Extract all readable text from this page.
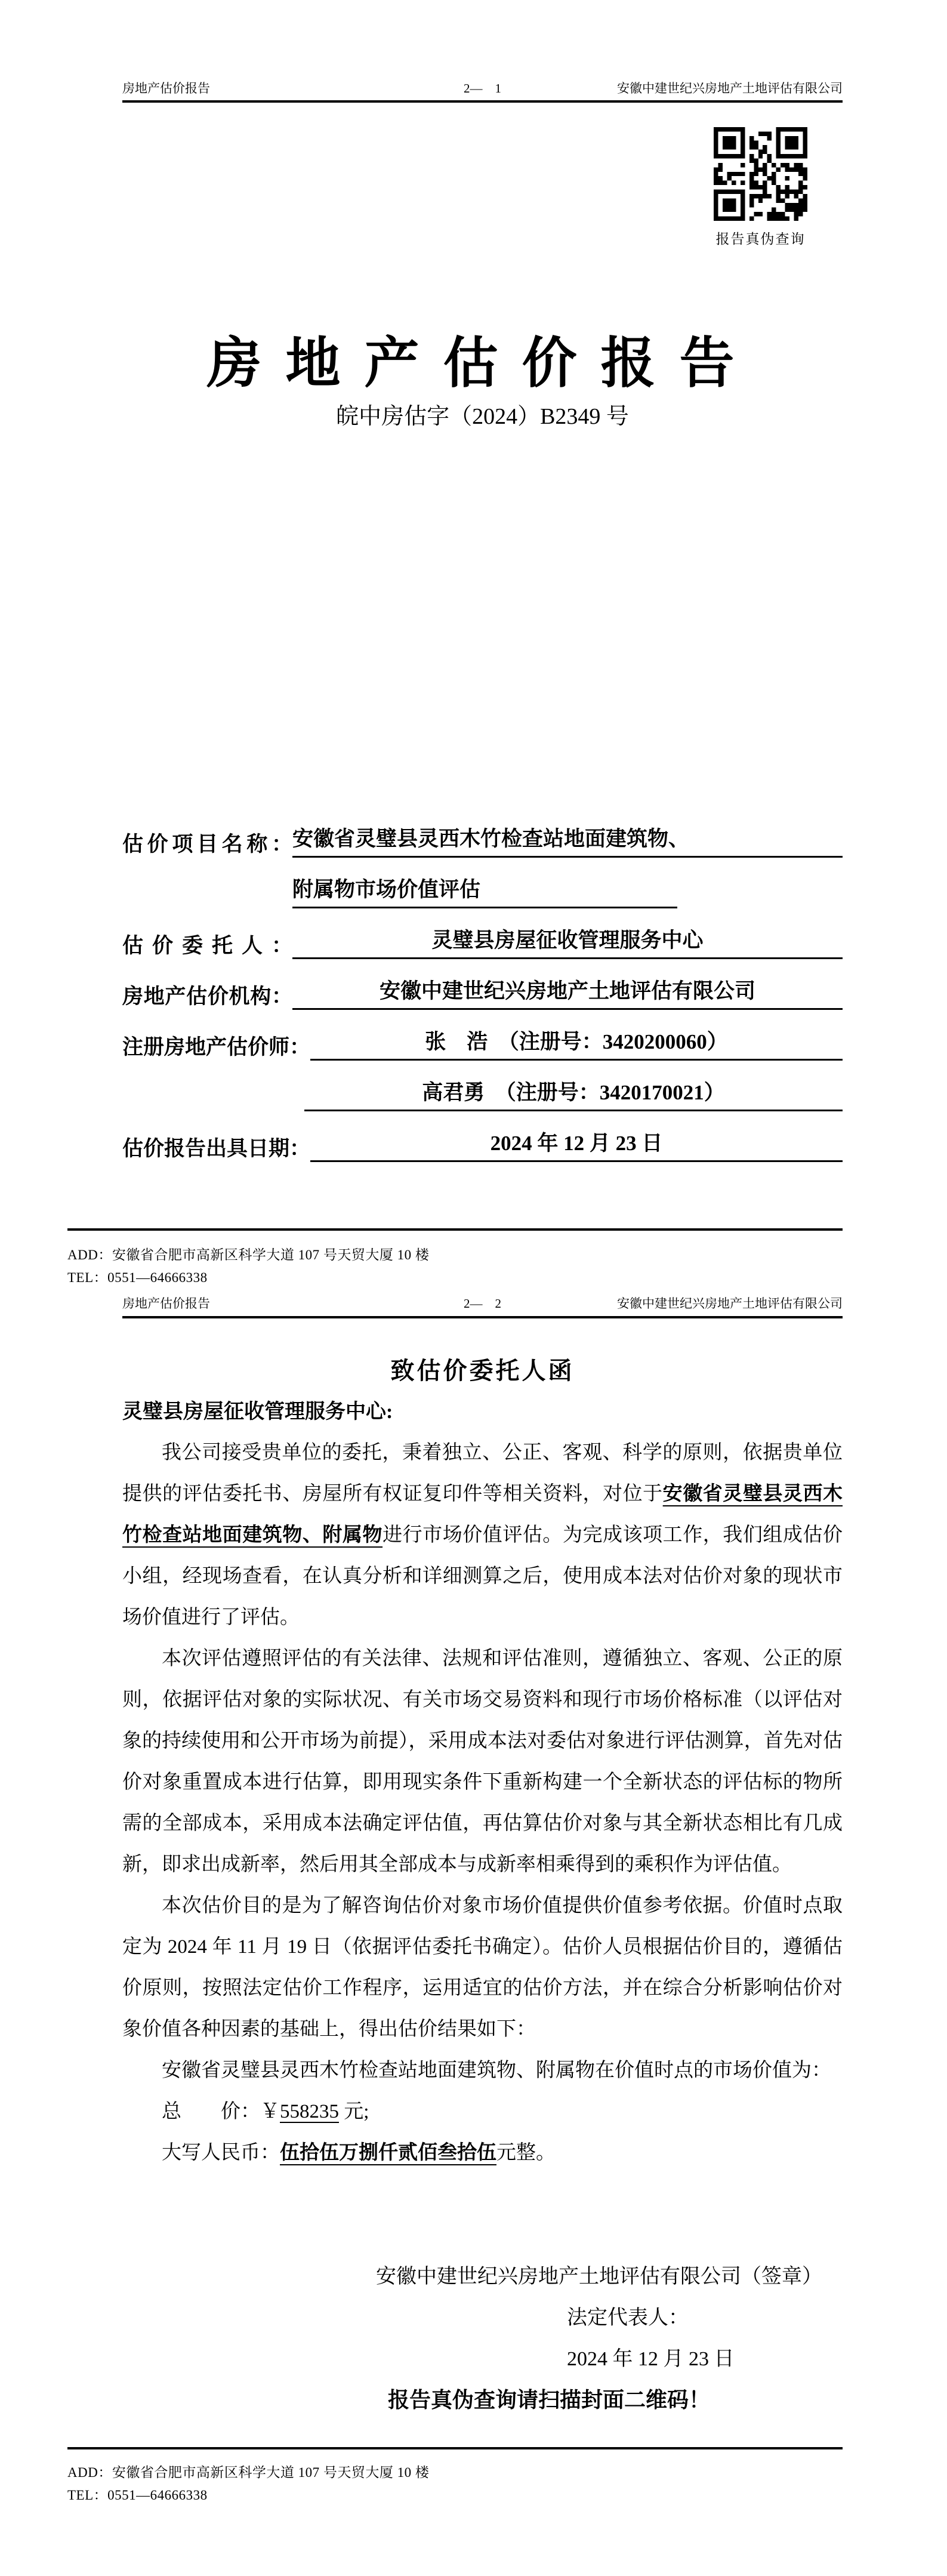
房地产估价报告	2—　1	安徽中建世纪兴房地产土地评估有限公司
报告真伪查询
房地产估价报告
皖中房估字（2024）B2349 号
估价项目名称： 安徽省灵璧县灵西木竹检查站地面建筑物、
附属物市场价值评估
估价委托人：	灵璧县房屋征收管理服务中心
房地产估价机构：	安徽中建世纪兴房地产土地评估有限公司
注册房地产估价师：	张　浩　（注册号：3420200060）
高君勇　（注册号：3420170021）
估价报告出具日期：	2024 年 12 月 23 日
ADD：安徽省合肥市高新区科学大道 107 号天贸大厦 10 楼
TEL：0551—64666338
房地产估价报告	2—　2	安徽中建世纪兴房地产土地评估有限公司
致估价委托人函
灵璧县房屋征收管理服务中心:

我公司接受贵单位的委托，秉着独立、公正、客观、科学的原则，依据贵单位提供的评估委托书、房屋所有权证复印件等相关资料，对位于安徽省灵璧县灵西木竹检查站地面建筑物、附属物进行市场价值评估。为完成该项工作，我们组成估价小组，经现场查看，在认真分析和详细测算之后，使用成本法对估价对象的现状市场价值进行了评估。

本次评估遵照评估的有关法律、法规和评估准则，遵循独立、客观、公正的原则，依据评估对象的实际状况、有关市场交易资料和现行市场价格标准（以评估对象的持续使用和公开市场为前提），采用成本法对委估对象进行评估测算，首先对估价对象重置成本进行估算，即用现实条件下重新构建一个全新状态的评估标的物所需的全部成本，采用成本法确定评估值，再估算估价对象与其全新状态相比有几成新，即求出成新率，然后用其全部成本与成新率相乘得到的乘积作为评估值。

本次估价目的是为了解咨询估价对象市场价值提供价值参考依据。价值时点取定为 2024 年 11 月 19 日（依据评估委托书确定）。估价人员根据估价目的，遵循估价原则，按照法定估价工作程序，运用适宜的估价方法，并在综合分析影响估价对象价值各种因素的基础上，得出估价结果如下：

安徽省灵璧县灵西木竹检查站地面建筑物、附属物在价值时点的市场价值为：

总　　价：￥558235 元;

大写人民币：伍拾伍万捌仟贰佰叁拾伍元整。

安徽中建世纪兴房地产土地评估有限公司（签章）
法定代表人：
2024 年 12 月 23 日
报告真伪查询请扫描封面二维码！
ADD：安徽省合肥市高新区科学大道 107 号天贸大厦 10 楼
TEL：0551—64666338
